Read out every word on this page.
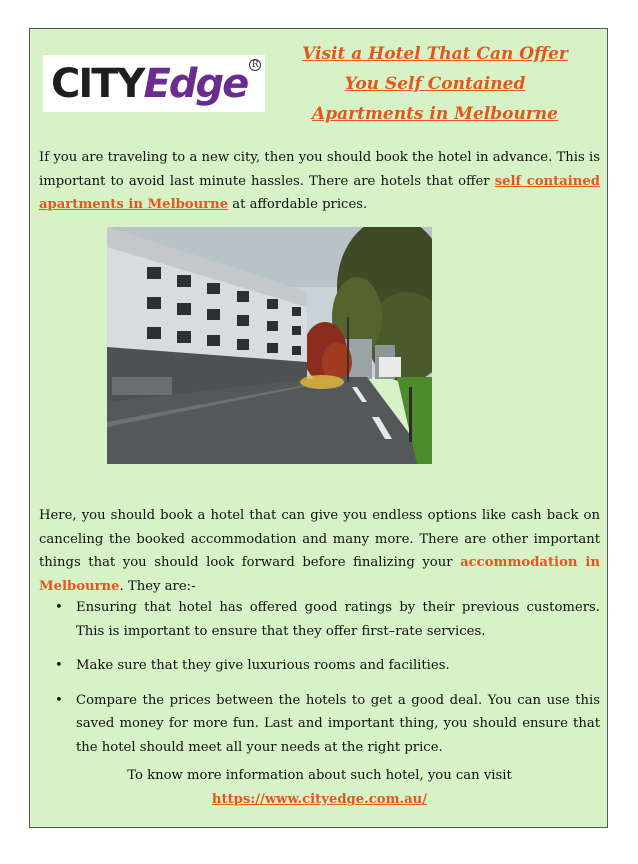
CITYEdge R
Visit a Hotel That Can Offer
You Self Contained
Apartments in Melbourne

If you are traveling to a new city, then you should book the hotel in advance. This is important to avoid last minute hassles. There are hotels that offer self contained apartments in Melbourne at affordable prices.

Here, you should book a hotel that can give you endless options like cash back on canceling the booked accommodation and many more. There are other important things that you should look forward before finalizing your accommodation in Melbourne. They are:-

• Ensuring that hotel has offered good ratings by their previous customers. This is important to ensure that they offer first–rate services.
• Make sure that they give luxurious rooms and facilities.
• Compare the prices between the hotels to get a good deal. You can use this saved money for more fun. Last and important thing, you should ensure that the hotel should meet all your needs at the right price.
To know more information about such hotel, you can visit
https://www.cityedge.com.au/
